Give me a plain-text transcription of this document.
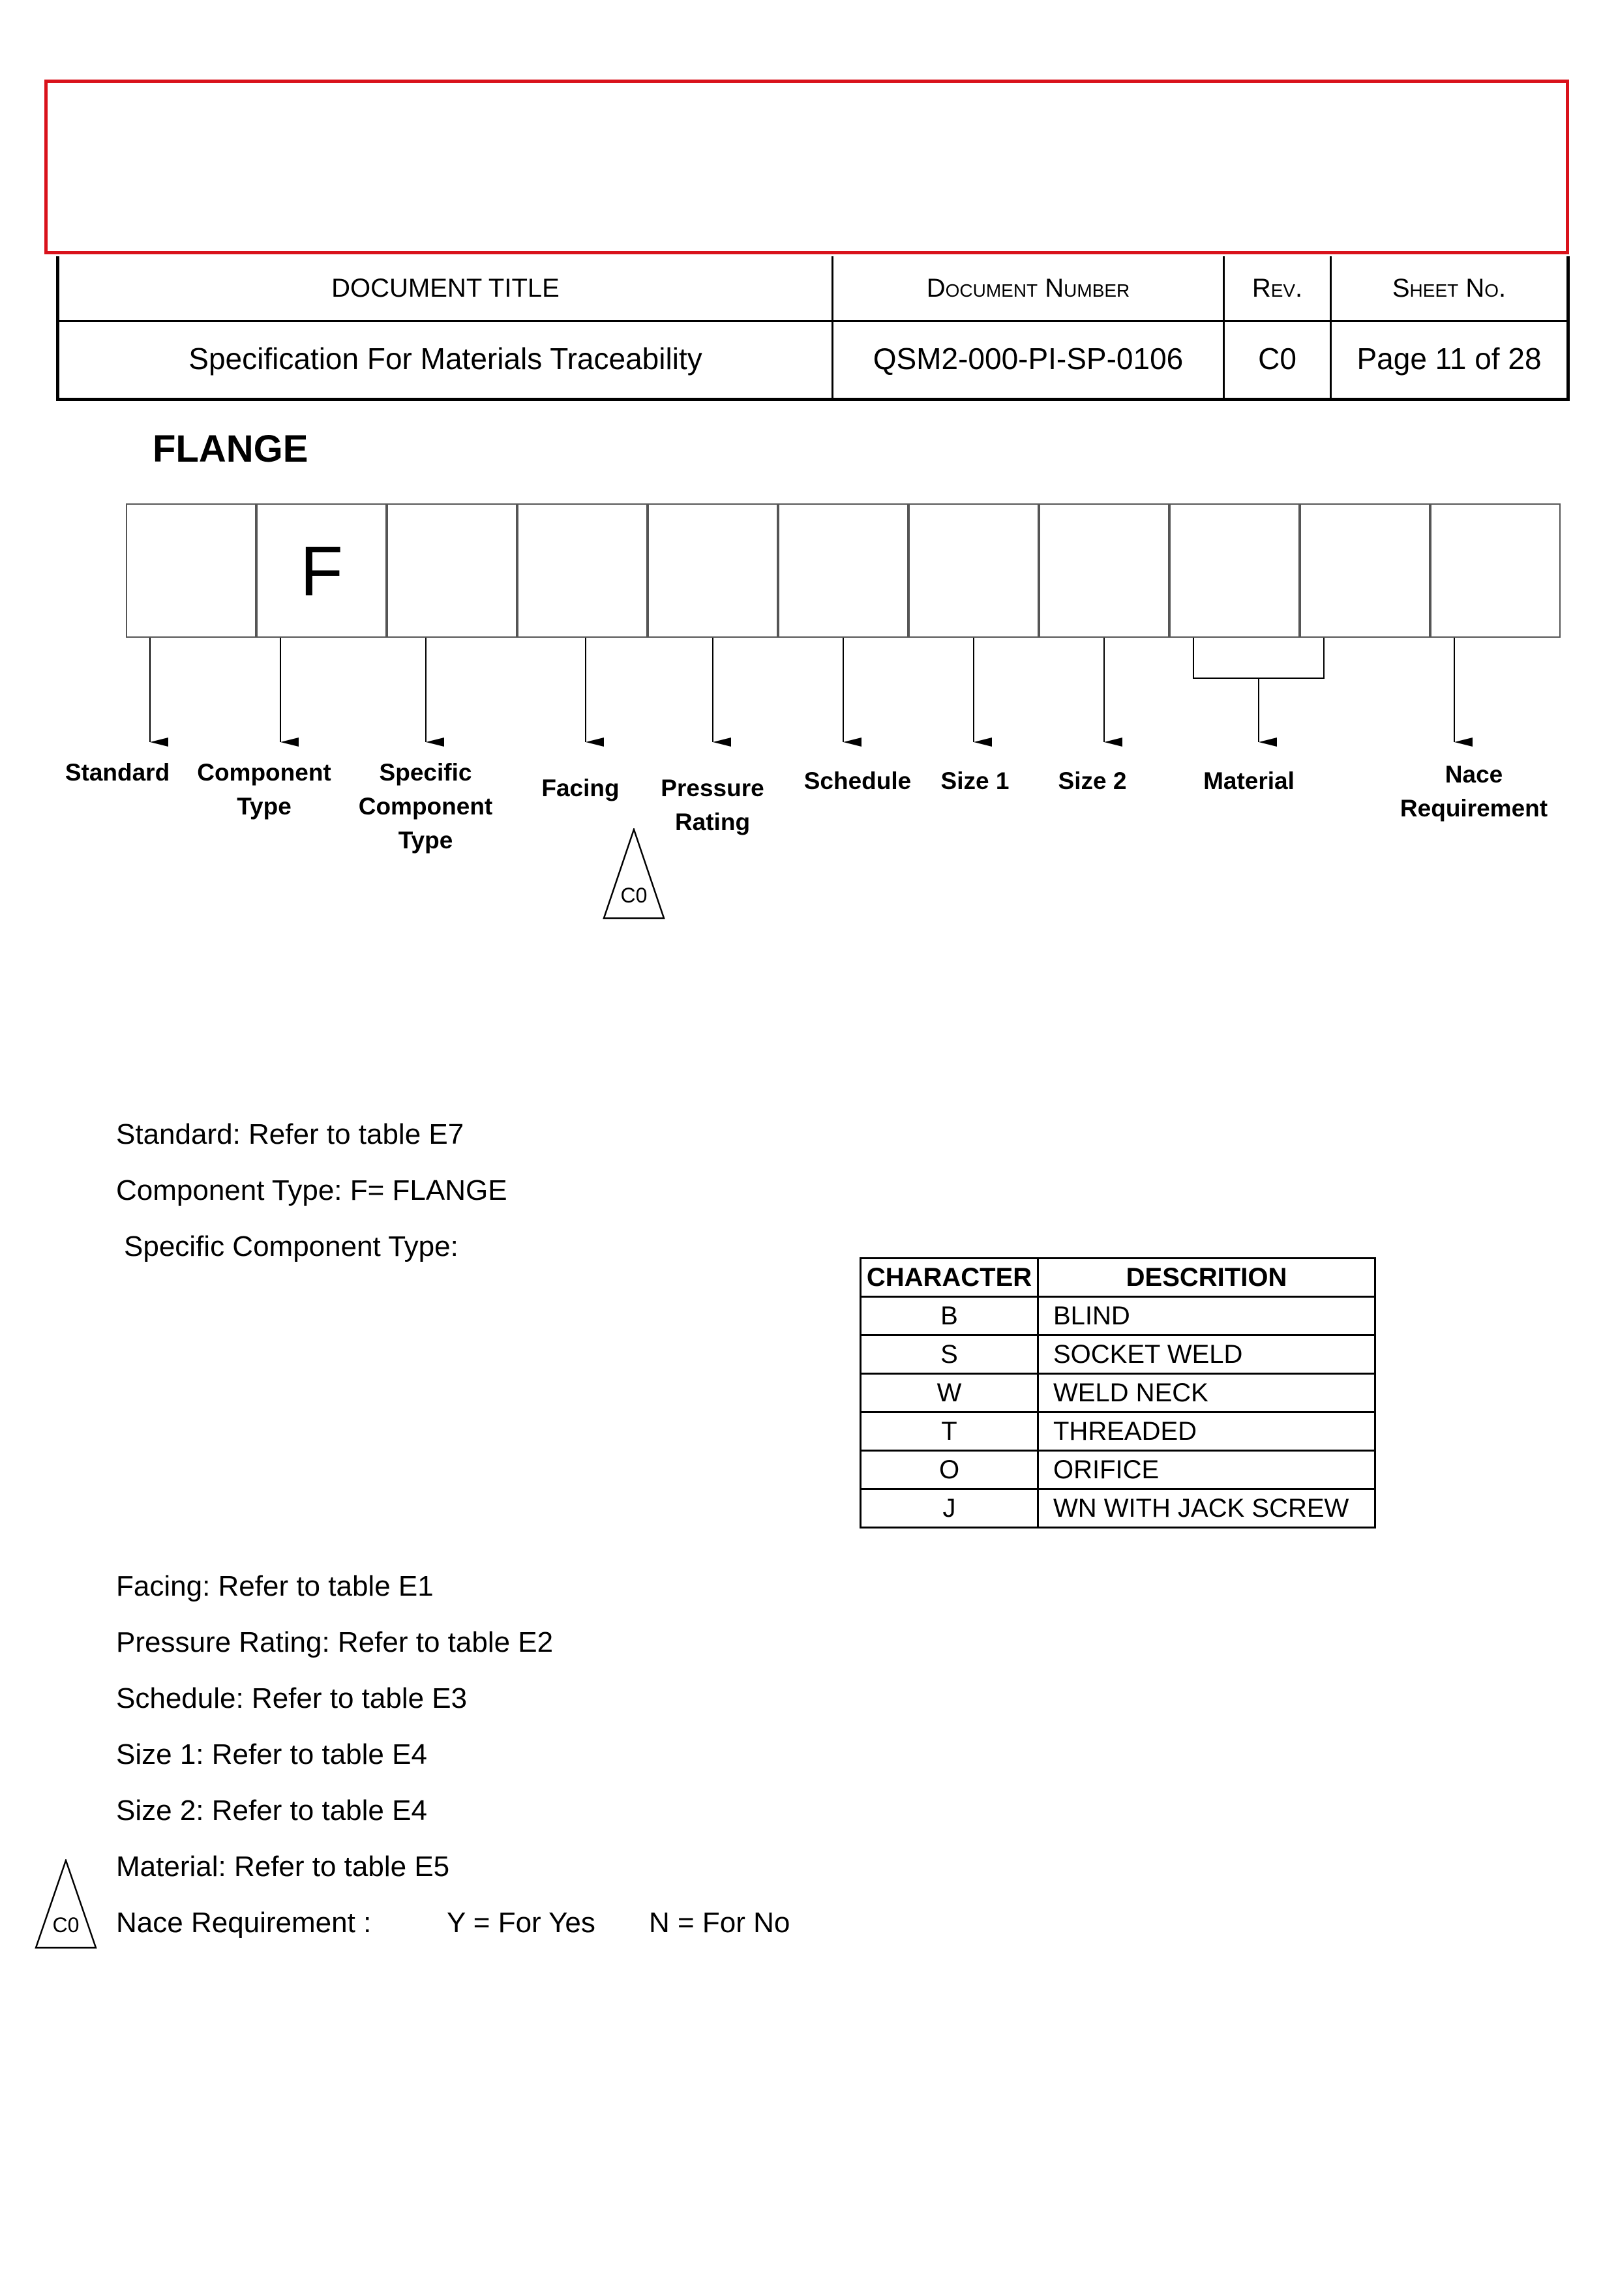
DOCUMENT TITLE	Document Number	Rev.	Sheet No.
Specification For Materials Traceability	QSM2-000-PI-SP-0106	C0	Page 11 of 28
FLANGE
F
Standard	Component
Type
Specific
Component
Type
Facing	Pressure
Rating
Schedule	Size 1	Size 2	Material	Nace
Requirement
C0
C0
Standard: Refer to table E7
Component Type: F= FLANGE
Specific Component Type:
CHARACTER	DESCRITION
B	BLIND
S	SOCKET WELD
W	WELD NECK
T	THREADED
O	ORIFICE
J	WN WITH JACK SCREW
Facing: Refer to table E1
Pressure Rating: Refer to table E2
Schedule: Refer to table E3
Size 1: Refer to table E4
Size 2: Refer to table E4
Material: Refer to table E5
Nace Requirement :	Y = For Yes N = For No
